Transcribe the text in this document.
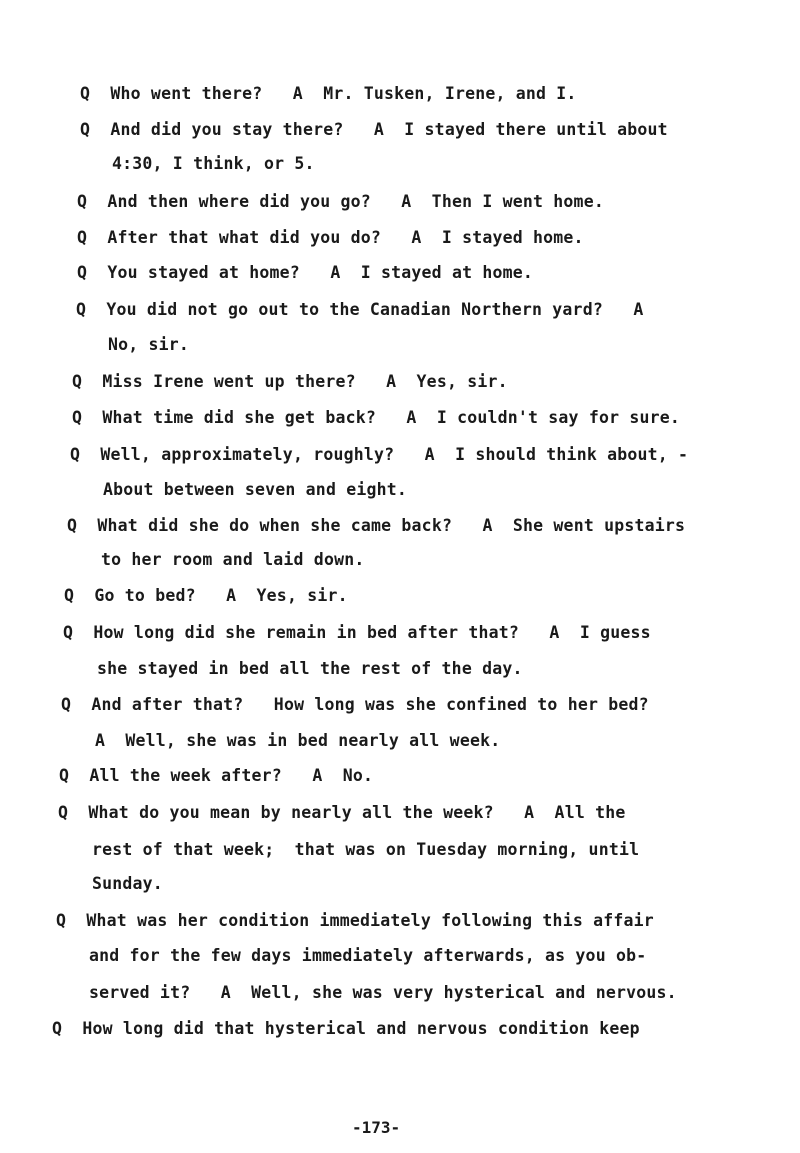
Q  Who went there?   A  Mr. Tusken, Irene, and I.
Q  And did you stay there?   A  I stayed there until about
4:30, I think, or 5.
Q  And then where did you go?   A  Then I went home.
Q  After that what did you do?   A  I stayed home.
Q  You stayed at home?   A  I stayed at home.
Q  You did not go out to the Canadian Northern yard?   A
No, sir.
Q  Miss Irene went up there?   A  Yes, sir.
Q  What time did she get back?   A  I couldn't say for sure.
Q  Well, approximately, roughly?   A  I should think about, -
About between seven and eight.
Q  What did she do when she came back?   A  She went upstairs
to her room and laid down.
Q  Go to bed?   A  Yes, sir.
Q  How long did she remain in bed after that?   A  I guess
she stayed in bed all the rest of the day.
Q  And after that?   How long was she confined to her bed?
A  Well, she was in bed nearly all week.
Q  All the week after?   A  No.
Q  What do you mean by nearly all the week?   A  All the
rest of that week;  that was on Tuesday morning, until
Sunday.
Q  What was her condition immediately following this affair
and for the few days immediately afterwards, as you ob-
served it?   A  Well, she was very hysterical and nervous.
Q  How long did that hysterical and nervous condition keep
-173-
